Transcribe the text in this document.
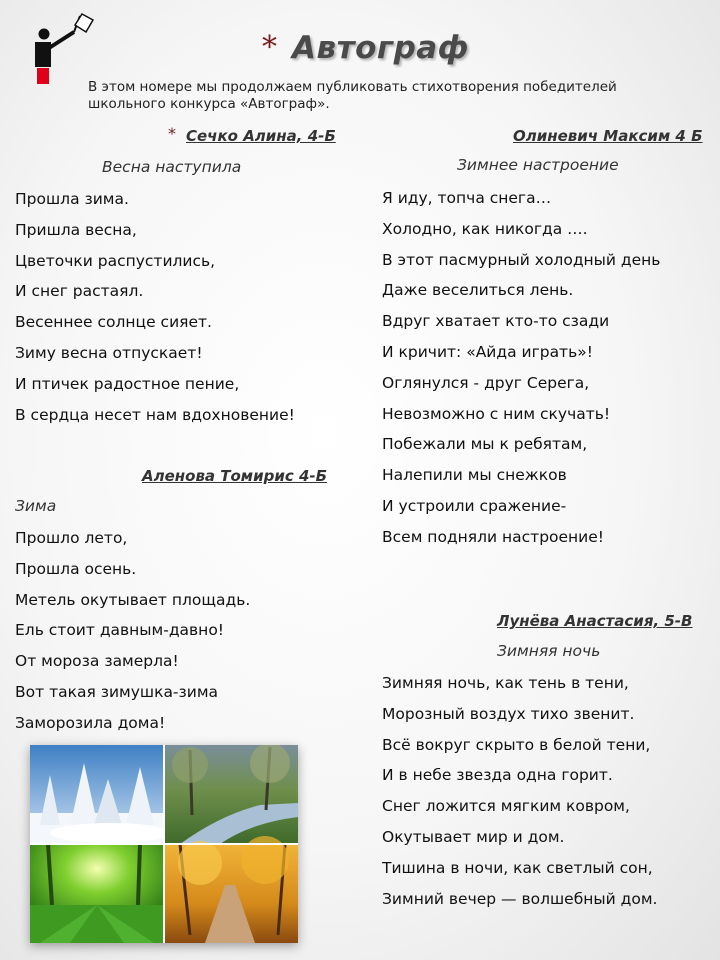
* Автограф
В этом номере мы продолжаем публиковать стихотворения победителей школьного конкурса «Автограф».
* Сечко Алина, 4-Б
Весна наступила
Прошла зима.
Пришла весна,
Цветочки распустились,
И снег растаял.
Весеннее солнце сияет.
Зиму весна отпускает!
И птичек радостное пение,
В сердца несет нам вдохновение!
Аленова Томирис 4-Б
Зима
Прошло лето,
Прошла осень.
Метель окутывает площадь.
Ель стоит давным-давно!
От мороза замерла!
Вот такая зимушка-зима
Заморозила дома!
Олиневич Максим 4 Б
Зимнее настроение
Я иду, топча снега…
Холодно, как никогда ….
В этот пасмурный холодный день
Даже веселиться лень.
Вдруг хватает кто-то сзади
И кричит: «Айда играть»!
Оглянулся - друг Серега,
Невозможно с ним скучать!
Побежали мы к ребятам,
Налепили мы снежков
И устроили сражение-
Всем подняли настроение!
Лунёва Анастасия, 5-В
Зимняя ночь
Зимняя ночь, как тень в тени,
Морозный воздух тихо звенит.
Всё вокруг скрыто в белой тени,
И в небе звезда одна горит.
Снег ложится мягким ковром,
Окутывает мир и дом.
Тишина в ночи, как светлый сон,
Зимний вечер — волшебный дом.
